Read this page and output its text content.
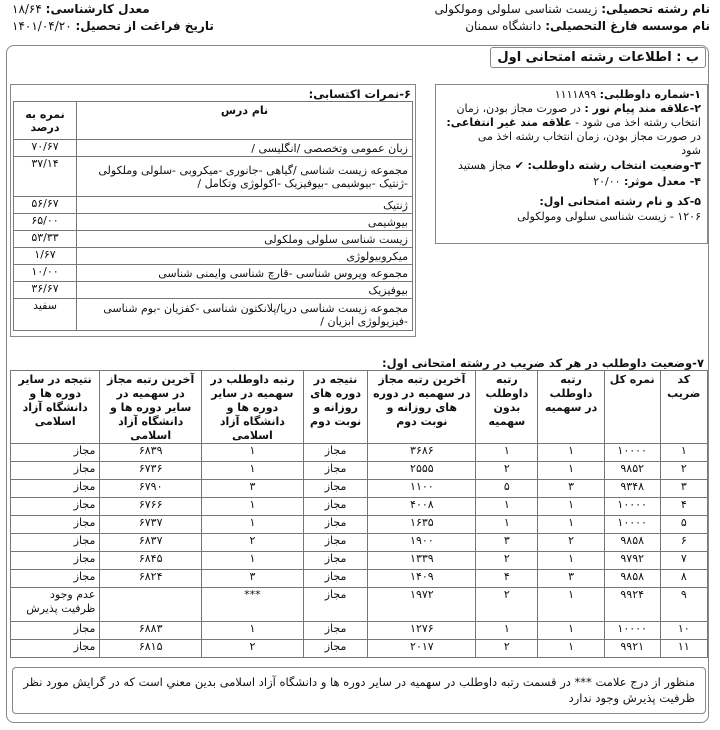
نام رشته تحصیلی: زیست شناسی سلولی ومولکولی
نام موسسه فارغ التحصیلی: دانشگاه سمنان
معدل کارشناسی: ۱۸/۶۴
تاریخ فراغت از تحصیل: ۱۴۰۱/۰۴/۲۰
ب : اطلاعات رشته امتحانی اول
۱-شماره داوطلبی: ۱۱۱۱۸۹۹
۲-علاقه مند پیام نور : در صورت مجاز بودن، زمان
انتخاب رشته اخذ می شود - علاقه مند غیر انتفاعی:
در صورت مجاز بودن، زمان انتخاب رشته اخذ می
شود
۳-وضعیت انتخاب رشته داوطلب: ✔ مجاز هستید
۴- معدل موثر: ۲۰/۰۰
۵-کد و نام رشته امتحانی اول:
۱۲۰۶ - زیست شناسی سلولی ومولکولی
۶-نمرات اکتسابی:
نام درس	نمره به درصد
زبان عمومی وتخصصی /انگلیسی /	۷۰/۶۷
مجموعه زیست شناسی /گیاهی -جانوری -میکروبی -سلولی وملکولی -ژنتیک -بیوشیمی -بیوفیزیک -اکولوژی وتکامل /	۳۷/۱۴
ژنتیک	۵۶/۶۷
بیوشیمی	۶۵/۰۰
زیست شناسی سلولی وملکولی	۵۳/۳۳
میکروبیولوژی	۱/۶۷
مجموعه ویروس شناسی -قارچ شناسی وایمنی شناسی	۱۰/۰۰
بیوفیزیک	۳۶/۶۷
مجموعه زیست شناسی دریا/پلانکتون شناسی -کفزیان -بوم شناسی -فیزیولوژی ابزیان /	سفید
۷-وضعیت داوطلب در هر کد ضریب در رشته امتحانی اول:
کد ضریب	نمره کل	رتبه داوطلب در سهمیه	رتبه داوطلب بدون سهمیه	آخرین رتبه مجاز در سهمیه در دوره های روزانه و نوبت دوم	نتیجه در دوره های روزانه و نوبت دوم	رتبه داوطلب در سهمیه در سایر دوره ها و دانشگاه آزاد اسلامی	آخرین رتبه مجاز در سهمیه در سایر دوره ها و دانشگاه آزاد اسلامی	نتیجه در سایر دوره ها و دانشگاه آزاد اسلامی
۱	۱۰۰۰۰	۱	۱	۳۶۸۶	مجاز	۱	۶۸۳۹	مجاز
۲	۹۸۵۲	۱	۲	۲۵۵۵	مجاز	۱	۶۷۳۶	مجاز
۳	۹۳۴۸	۳	۵	۱۱۰۰	مجاز	۳	۶۷۹۰	مجاز
۴	۱۰۰۰۰	۱	۱	۴۰۰۸	مجاز	۱	۶۷۶۶	مجاز
۵	۱۰۰۰۰	۱	۱	۱۶۳۵	مجاز	۱	۶۷۳۷	مجاز
۶	۹۸۵۸	۲	۳	۱۹۰۰	مجاز	۲	۶۸۳۷	مجاز
۷	۹۷۹۲	۱	۲	۱۳۳۹	مجاز	۱	۶۸۴۵	مجاز
۸	۹۸۵۸	۳	۴	۱۴۰۹	مجاز	۳	۶۸۲۴	مجاز
۹	۹۹۲۴	۱	۲	۱۹۷۲	مجاز	***		عدم وجود ظرفیت پذیرش
۱۰	۱۰۰۰۰	۱	۱	۱۲۷۶	مجاز	۱	۶۸۸۳	مجاز
۱۱	۹۹۲۱	۱	۲	۲۰۱۷	مجاز	۲	۶۸۱۵	مجاز
منظور از درج علامت *** در قسمت رتبه داوطلب در سهمیه در سایر دوره ها و دانشگاه آزاد اسلامی بدین معني است که در گرايش مورد نظر ظرفيت پذيرش وجود ندارد
